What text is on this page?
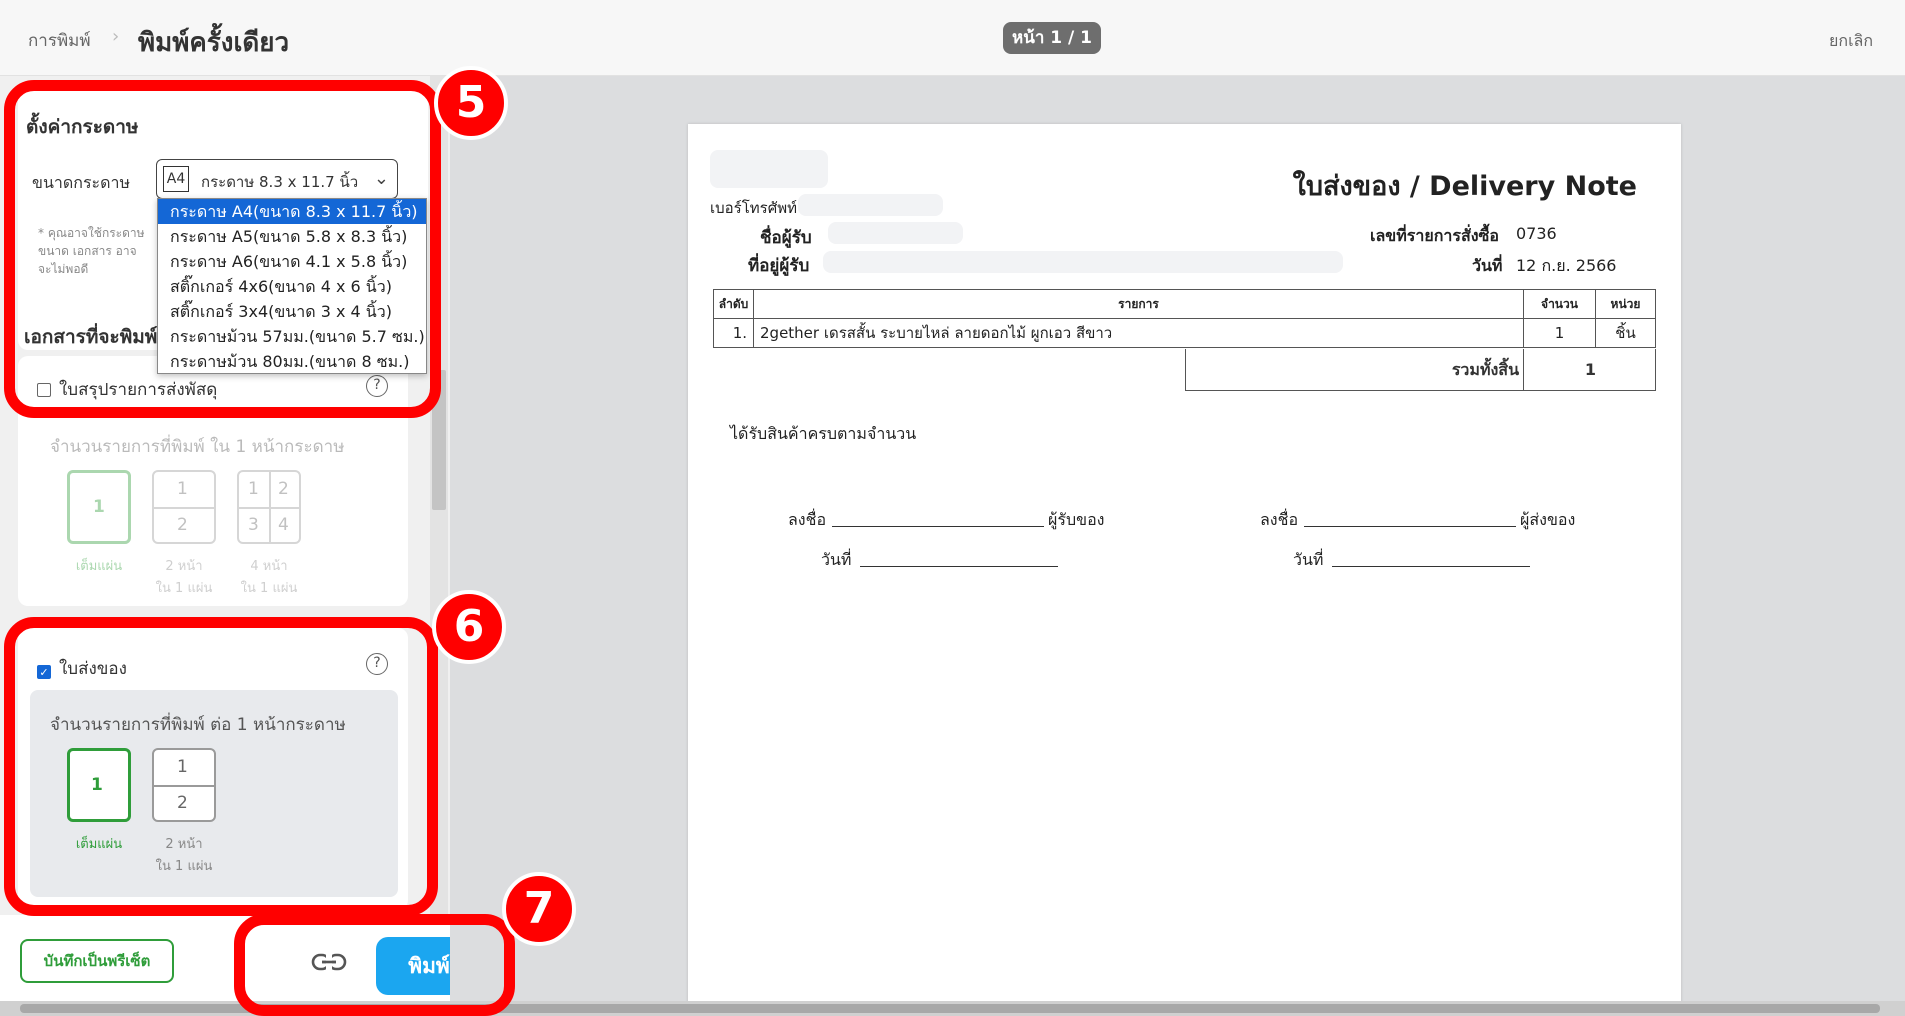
การพิมพ์ › พิมพ์ครั้งเดียว	หน้า 1 / 1	ยกเลิก
ตั้งค่ากระดาษ
ขนาดกระดาษ	A4 กระดาษ 8.3 x 11.7 นิ้ว ⌄
* คุณอาจใช้กระดาษขนาด เอกสาร อาจจะไม่พอดี
เอกสารที่จะพิมพ์
ใบสรุปรายการส่งพัสดุ	?
จำนวนรายการที่พิมพ์ ใน 1 หน้ากระดาษ
1
1
2
1 2
3 4
เต็มแผ่น	2 หน้า
ใน 1 แผ่น
4 หน้า
ใน 1 แผ่น
✓ ใบส่งของ	?
จำนวนรายการที่พิมพ์ ต่อ 1 หน้ากระดาษ
1
1
2
เต็มแผ่น	2 หน้า
ใน 1 แผ่น
บันทึกเป็นพรีเซ็ต	พิมพ์
ใบส่งของ / Delivery Note
เบอร์โทรศัพท์
ชื่อผู้รับ
ที่อยู่ผู้รับ
เลขที่รายการสั่งซื้อ 0736
วันที่ 12 ก.ย. 2566
ลำดับ	รายการ	จำนวน	หน่วย
1.	2gether เดรสสั้น ระบายไหล่ ลายดอกไม้ ผูกเอว สีขาว	1	ชิ้น
รวมทั้งสิ้น	1
ได้รับสินค้าครบตามจำนวน
ลงชื่อ	ผู้รับของ
วันที่
ลงชื่อ	ผู้ส่งของ
วันที่
กระดาษ A4(ขนาด 8.3 x 11.7 นิ้ว)
กระดาษ A5(ขนาด 5.8 x 8.3 นิ้ว)
กระดาษ A6(ขนาด 4.1 x 5.8 นิ้ว)
สติ๊กเกอร์ 4x6(ขนาด 4 x 6 นิ้ว)
สติ๊กเกอร์ 3x4(ขนาด 3 x 4 นิ้ว)
กระดาษม้วน 57มม.(ขนาด 5.7 ซม.)
กระดาษม้วน 80มม.(ขนาด 8 ซม.)
5
6
7
